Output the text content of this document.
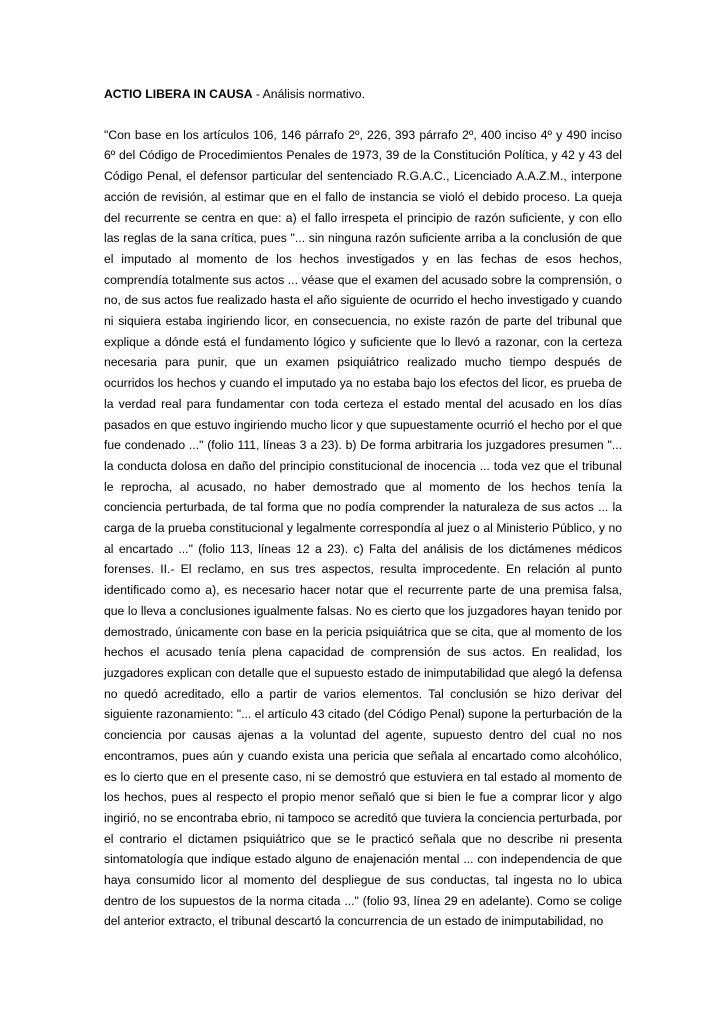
ACTIO LIBERA IN CAUSA - Análisis normativo.

"Con base en los artículos 106, 146 párrafo 2º, 226, 393 párrafo 2º, 400 inciso 4º y 490 inciso 6º del Código de Procedimientos Penales de 1973, 39 de la Constitución Política, y 42 y 43 del Código Penal, el defensor particular del sentenciado R.G.A.C., Licenciado A.A.Z.M., interpone acción de revisión, al estimar que en el fallo de instancia se violó el debido proceso. La queja del recurrente se centra en que: a) el fallo irrespeta el principio de razón suficiente, y con ello las reglas de la sana crítica, pues "... sin ninguna razón suficiente arriba a la conclusión de que el imputado al momento de los hechos investigados y en las fechas de esos hechos, comprendía totalmente sus actos ... véase que el examen del acusado sobre la comprensión, o no, de sus actos fue realizado hasta el año siguiente de ocurrido el hecho investigado y cuando ni siquiera estaba ingiriendo licor, en consecuencia, no existe razón de parte del tribunal que explique a dónde está el fundamento lógico y suficiente que lo llevó a razonar, con la certeza necesaria para punir, que un examen psiquiátrico realizado mucho tiempo después de ocurridos los hechos y cuando el imputado ya no estaba bajo los efectos del licor, es prueba de la verdad real para fundamentar con toda certeza el estado mental del acusado en los días pasados en que estuvo ingiriendo mucho licor y que supuestamente ocurrió el hecho por el que fue condenado ..." (folio 111, líneas 3 a 23). b) De forma arbitraria los juzgadores presumen "... la conducta dolosa en daño del principio constitucional de inocencia ... toda vez que el tribunal le reprocha, al acusado, no haber demostrado que al momento de los hechos tenía la conciencia perturbada, de tal forma que no podía comprender la naturaleza de sus actos ... la carga de la prueba constitucional y legalmente correspondía al juez o al Ministerio Público, y no al encartado ..." (folio 113, líneas 12 a 23). c) Falta del análisis de los dictámenes médicos forenses. II.- El reclamo, en sus tres aspectos, resulta improcedente. En relación al punto identificado como a), es necesario hacer notar que el recurrente parte de una premisa falsa, que lo lleva a conclusiones igualmente falsas. No es cierto que los juzgadores hayan tenido por demostrado, únicamente con base en la pericia psiquiátrica que se cita, que al momento de los hechos el acusado tenía plena capacidad de comprensión de sus actos. En realidad, los juzgadores explican con detalle que el supuesto estado de inimputabilidad que alegó la defensa no quedó acreditado, ello a partir de varios elementos. Tal conclusión se hizo derivar del siguiente razonamiento: "... el artículo 43 citado (del Código Penal) supone la perturbación de la conciencia por causas ajenas a la voluntad del agente, supuesto dentro del cual no nos encontramos, pues aún y cuando exista una pericia que señala al encartado como alcohólico, es lo cierto que en el presente caso, ni se demostró que estuviera en tal estado al momento de los hechos, pues al respecto el propio menor señaló que si bien le fue a comprar licor y algo ingirió, no se encontraba ebrio, ni tampoco se acreditó que tuviera la conciencia perturbada, por el contrario el dictamen psiquiátrico que se le practicó señala que no describe ni presenta sintomatología que indique estado alguno de enajenación mental ... con independencia de que haya consumido licor al momento del despliegue de sus conductas, tal ingesta no lo ubica dentro de los supuestos de la norma citada ..." (folio 93, línea 29 en adelante). Como se colige del anterior extracto, el tribunal descartó la concurrencia de un estado de inimputabilidad, no
